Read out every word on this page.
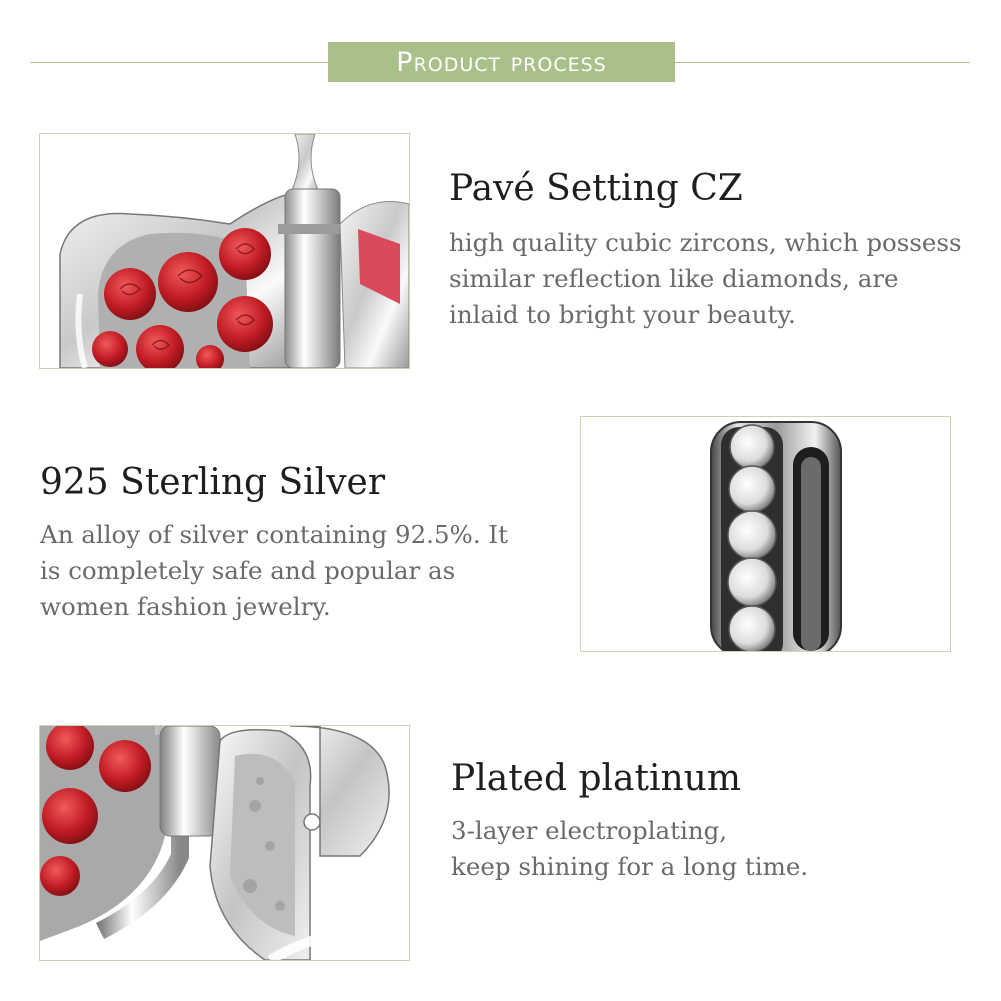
Product process
Pavé Setting CZ
high quality cubic zircons, which possess
similar reflection like diamonds, are
inlaid to bright your beauty.
925 Sterling Silver
An alloy of silver containing 92.5%. It
is completely safe and popular as
women fashion jewelry.
Plated platinum
3-layer electroplating,
keep shining for a long time.
